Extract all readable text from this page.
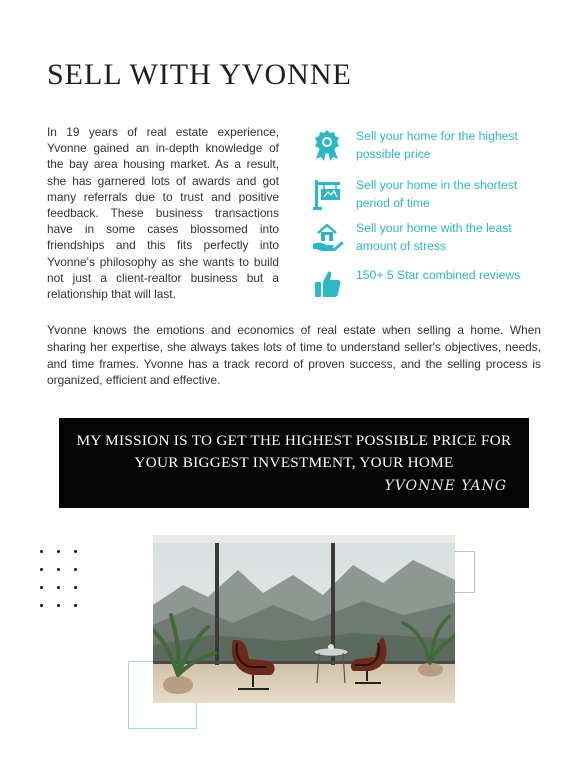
SELL WITH YVONNE

In 19 years of real estate experience, Yvonne gained an in-depth knowledge of the bay area housing market. As a result, she has garnered lots of awards and got many referrals due to trust and positive feedback. These business transactions have in some cases blossomed into friendships and this fits perfectly into Yvonne's philosophy as she wants to build not just a client-realtor business but a relationship that will last.

Sell your home for the highest possible price
Sell your home in the shortest period of time
Sell your home with the least amount of stress
150+ 5 Star combined reviews

Yvonne knows the emotions and economics of real estate when selling a home. When sharing her expertise, she always takes lots of time to understand seller's objectives, needs, and time frames. Yvonne has a track record of proven success, and the selling process is organized, efficient and effective.

MY MISSION IS TO GET THE HIGHEST POSSIBLE PRICE FOR YOUR BIGGEST INVESTMENT, YOUR HOME
YVONNE YANG
